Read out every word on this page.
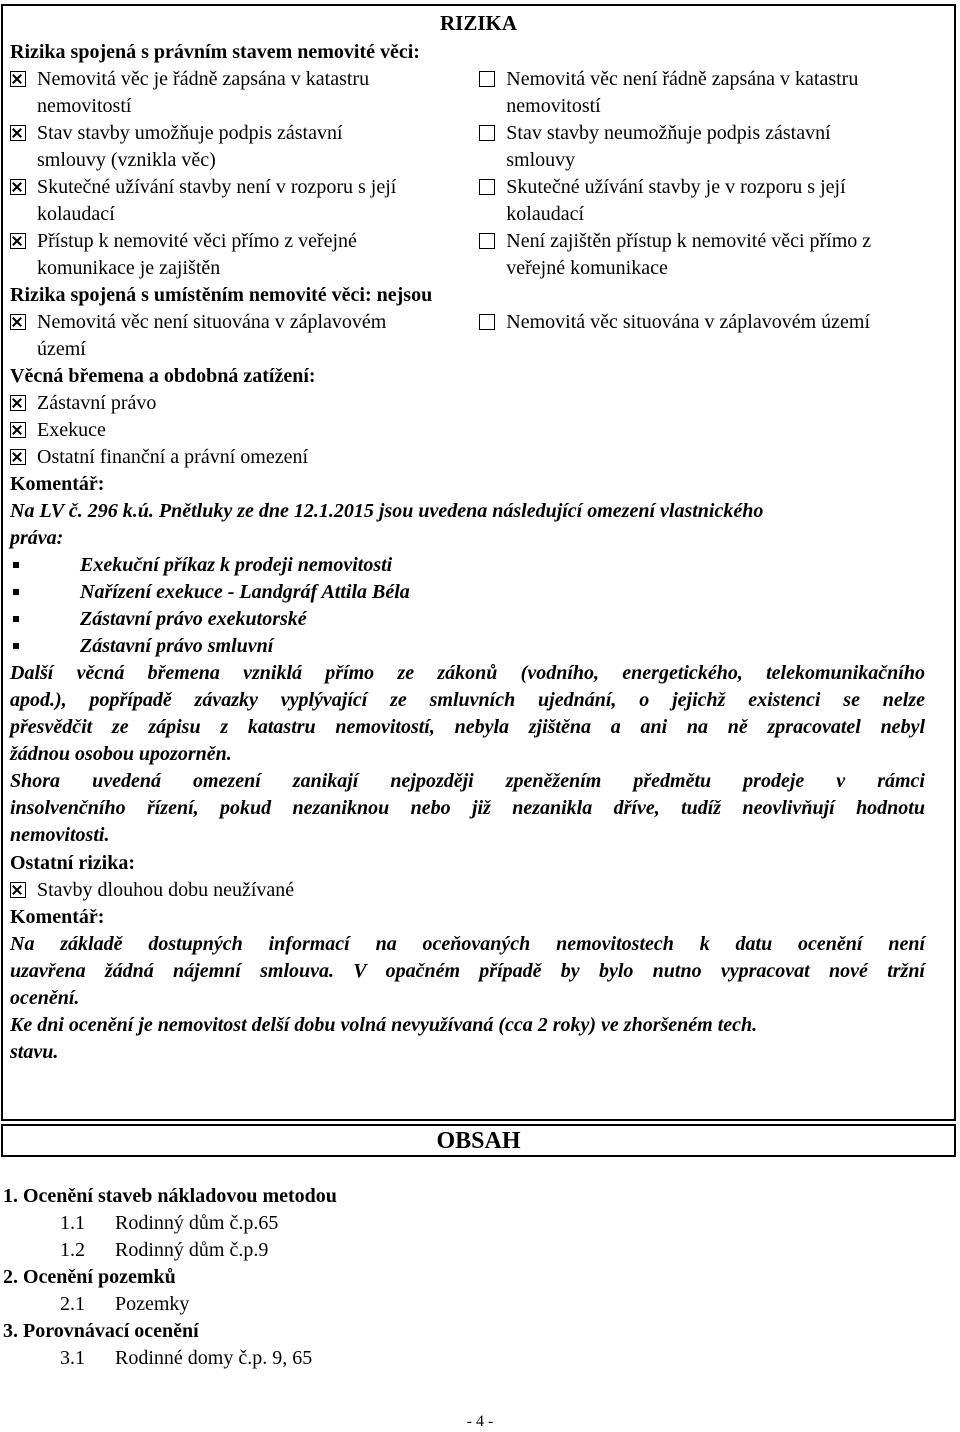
RIZIKA
Rizika spojená s právním stavem nemovité věci:
Nemovitá věc je řádně zapsána v katastru
nemovitostí
Nemovitá věc není řádně zapsána v katastru
nemovitostí
Stav stavby umožňuje podpis zástavní
smlouvy (vznikla věc)
Stav stavby neumožňuje podpis zástavní
smlouvy
Skutečné užívání stavby není v rozporu s její
kolaudací
Skutečné užívání stavby je v rozporu s její
kolaudací
Přístup k nemovité věci přímo z veřejné
komunikace je zajištěn
Není zajištěn přístup k nemovité věci přímo z
veřejné komunikace
Rizika spojená s umístěním nemovité věci: nejsou
Nemovitá věc není situována v záplavovém
území
Nemovitá věc situována v záplavovém území
Věcná břemena a obdobná zatížení:
Zástavní právo
Exekuce
Ostatní finanční a právní omezení
Komentář:
Na LV č. 296 k.ú. Pnětluky ze dne 12.1.2015 jsou uvedena následující omezení vlastnického
práva:
Exekuční příkaz k prodeji nemovitosti
Nařízení exekuce - Landgráf Attila Béla
Zástavní právo exekutorské
Zástavní právo smluvní
Další věcná břemena vzniklá přímo ze zákonů (vodního, energetického, telekomunikačního
apod.), popřípadě závazky vyplývající ze smluvních ujednání, o jejichž existenci se nelze
přesvědčit ze zápisu z katastru nemovitostí, nebyla zjištěna a ani na ně zpracovatel nebyl
žádnou osobou upozorněn.
Shora uvedená omezení zanikají nejpozději zpeněžením předmětu prodeje v rámci
insolvenčního řízení, pokud nezaniknou nebo již nezanikla dříve, tudíž neovlivňují hodnotu
nemovitosti.
Ostatní rizika:
Stavby dlouhou dobu neužívané
Komentář:
Na základě dostupných informací na oceňovaných nemovitostech k datu ocenění není
uzavřena žádná nájemní smlouva. V opačném případě by bylo nutno vypracovat nové tržní
ocenění.
Ke dni ocenění je nemovitost delší dobu volná nevyužívaná (cca 2 roky) ve zhoršeném tech.
stavu.
OBSAH
1. Ocenění staveb nákladovou metodou
1.1 Rodinný dům č.p.65
1.2 Rodinný dům č.p.9
2. Ocenění pozemků
2.1 Pozemky
3. Porovnávací ocenění
3.1 Rodinné domy č.p. 9, 65
- 4 -
